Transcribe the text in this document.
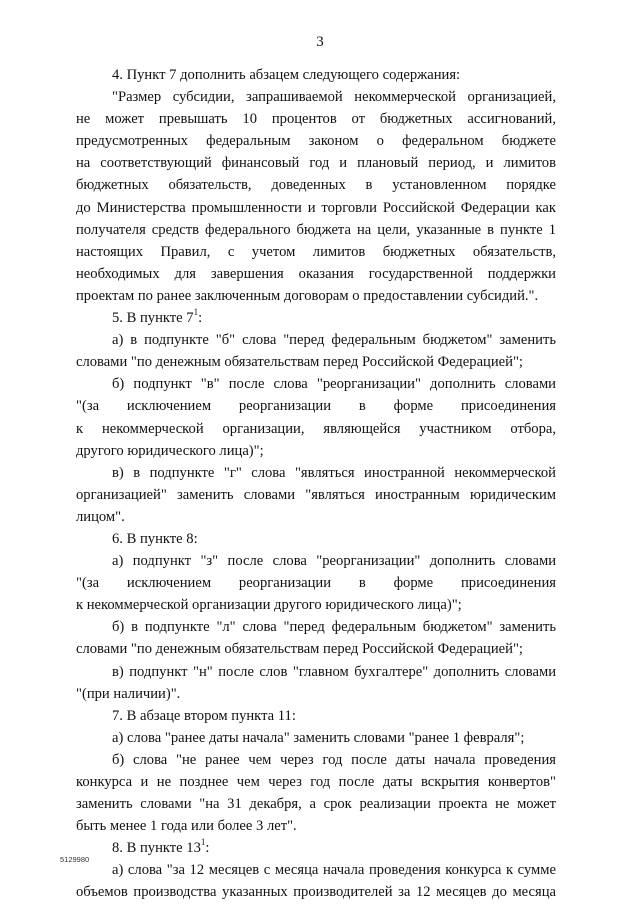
3
4. Пункт 7 дополнить абзацем следующего содержания:
"Размер субсидии, запрашиваемой некоммерческой организацией,
не может превышать 10 процентов от бюджетных ассигнований,
предусмотренных федеральным законом о федеральном бюджете
на соответствующий финансовый год и плановый период, и лимитов
бюджетных обязательств, доведенных в установленном порядке
до Министерства промышленности и торговли Российской Федерации как
получателя средств федерального бюджета на цели, указанные в пункте 1
настоящих Правил, с учетом лимитов бюджетных обязательств,
необходимых для завершения оказания государственной поддержки
проектам по ранее заключенным договорам о предоставлении субсидий.".
5. В пункте $7^1$:
а) в подпункте "б" слова "перед федеральным бюджетом" заменить
словами "по денежным обязательствам перед Российской Федерацией";
б) подпункт "в" после слова "реорганизации" дополнить словами
"(за исключением реорганизации в форме присоединения
к некоммерческой организации, являющейся участником отбора,
другого юридического лица)";
в) в подпункте "г" слова "являться иностранной некоммерческой
организацией" заменить словами "являться иностранным юридическим
лицом".
6. В пункте 8:
а) подпункт "з" после слова "реорганизации" дополнить словами
"(за исключением реорганизации в форме присоединения
к некоммерческой организации другого юридического лица)";
б) в подпункте "л" слова "перед федеральным бюджетом" заменить
словами "по денежным обязательствам перед Российской Федерацией";
в) подпункт "н" после слов "главном бухгалтере" дополнить словами
"(при наличии)".
7. В абзаце втором пункта 11:
а) слова "ранее даты начала" заменить словами "ранее 1 февраля";
б) слова "не ранее чем через год после даты начала проведения
конкурса и не позднее чем через год после даты вскрытия конвертов"
заменить словами "на 31 декабря, а срок реализации проекта не может
быть менее 1 года или более 3 лет".
8. В пункте $13^1$:
а) слова "за 12 месяцев с месяца начала проведения конкурса к сумме
объемов производства указанных производителей за 12 месяцев до месяца
5129980
